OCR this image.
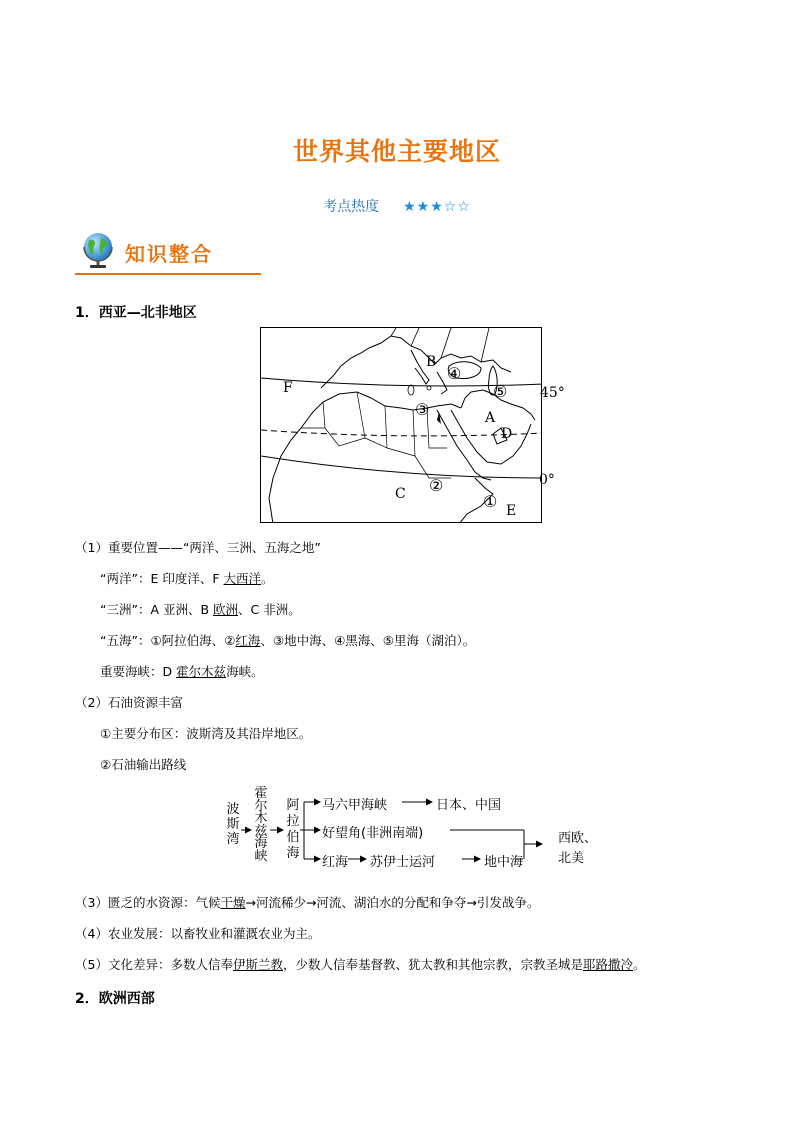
世界其他主要地区
考点热度 ★★★☆☆
知识整合
1．西亚—北非地区
F
B
④
⑤
③	A
D
C ②
① E
45°
0°
（1）重要位置——“两洋、三洲、五海之地”
“两洋”：E 印度洋、F 大西洋。
“三洲”：A 亚洲、B 欧洲、C 非洲。
“五海”：①阿拉伯海、②红海、③地中海、④黑海、⑤里海（湖泊）。
重要海峡：D 霍尔木兹海峡。
（2）石油资源丰富
①主要分布区：波斯湾及其沿岸地区。
②石油输出路线
波斯湾
霍尔木兹海峡
阿拉伯海
马六甲海峡	日本、中国
好望角(非洲南端)
红海 苏伊士运河	地中海
西欧、
北美
（3）匮乏的水资源：气候干燥→河流稀少→河流、湖泊水的分配和争夺→引发战争。
（4）农业发展：以畜牧业和灌溉农业为主。
（5）文化差异：多数人信奉伊斯兰教，少数人信奉基督教、犹太教和其他宗教，宗教圣城是耶路撒冷。
2．欧洲西部
